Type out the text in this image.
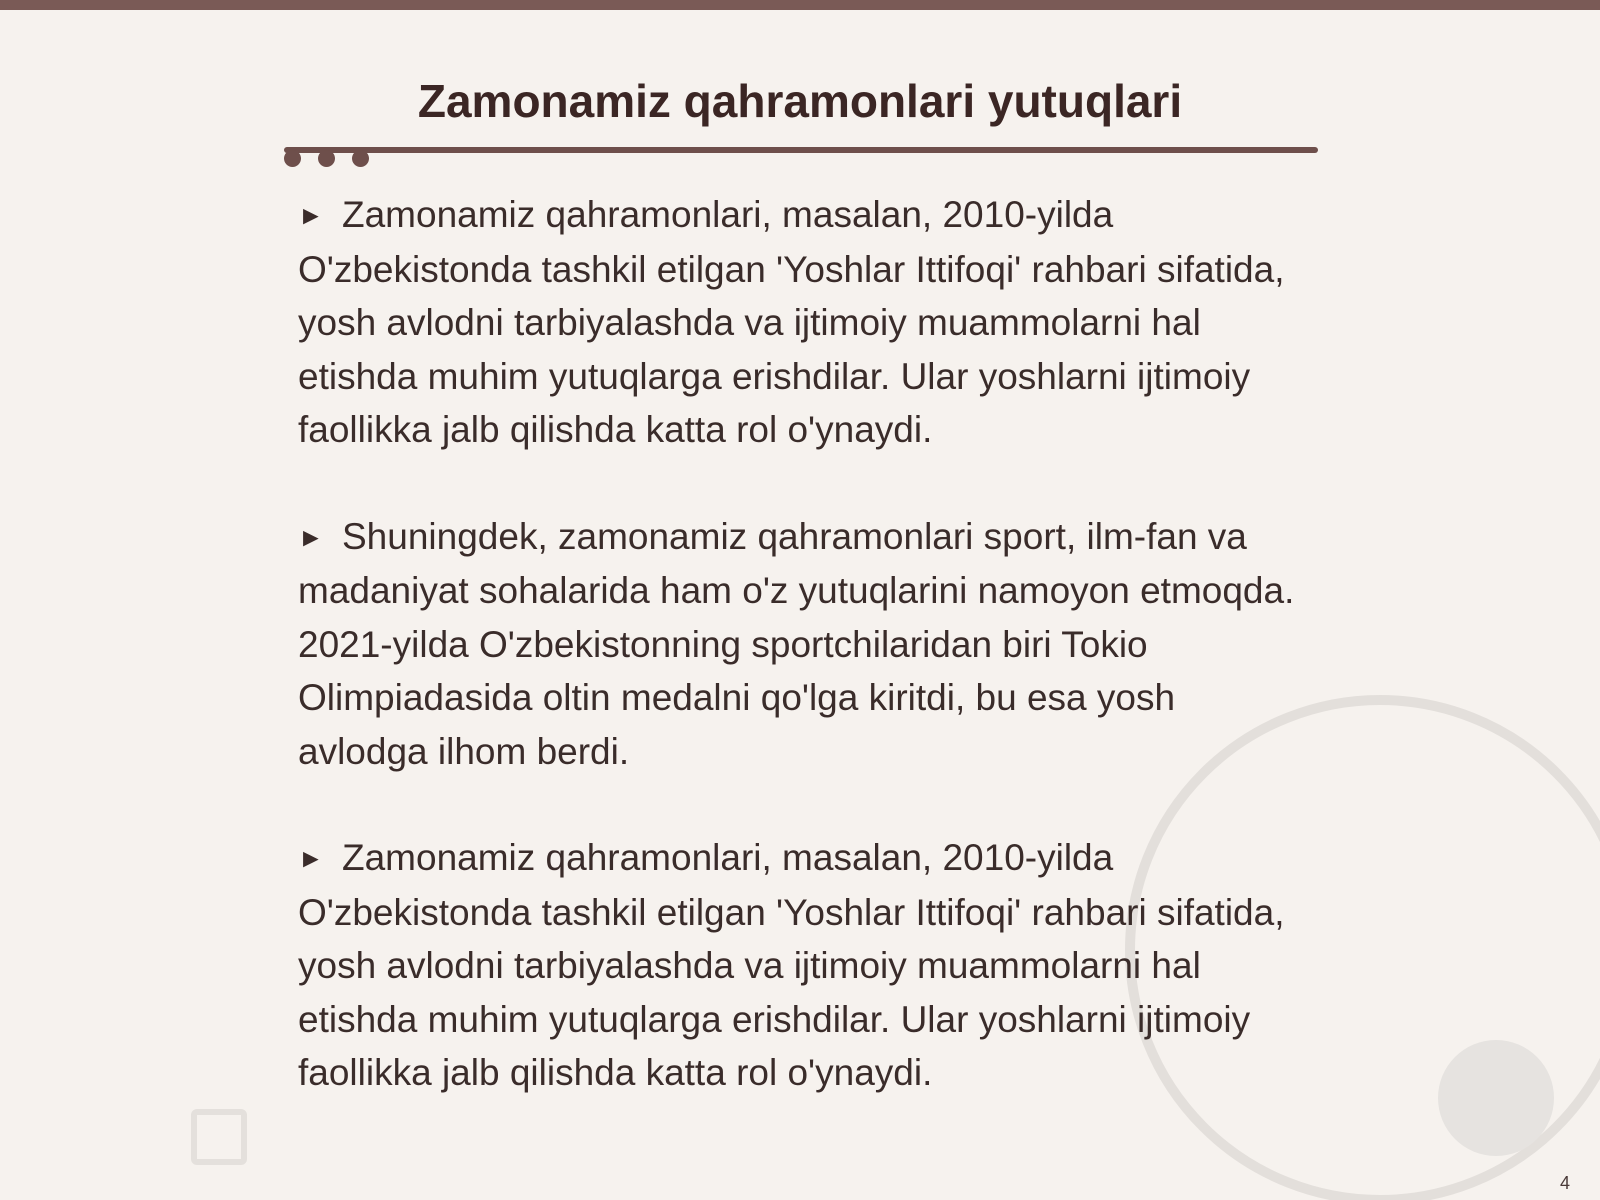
Zamonamiz qahramonlari yutuqlari

► Zamonamiz qahramonlari, masalan, 2010-yilda O'zbekistonda tashkil etilgan 'Yoshlar Ittifoqi' rahbari sifatida, yosh avlodni tarbiyalashda va ijtimoiy muammolarni hal etishda muhim yutuqlarga erishdilar. Ular yoshlarni ijtimoiy faollikka jalb qilishda katta rol o'ynaydi.

► Shuningdek, zamonamiz qahramonlari sport, ilm-fan va madaniyat sohalarida ham o'z yutuqlarini namoyon etmoqda. 2021-yilda O'zbekistonning sportchilaridan biri Tokio Olimpiadasida oltin medalni qo'lga kiritdi, bu esa yosh avlodga ilhom berdi.

► Zamonamiz qahramonlari, masalan, 2010-yilda O'zbekistonda tashkil etilgan 'Yoshlar Ittifoqi' rahbari sifatida, yosh avlodni tarbiyalashda va ijtimoiy muammolarni hal etishda muhim yutuqlarga erishdilar. Ular yoshlarni ijtimoiy faollikka jalb qilishda katta rol o'ynaydi.

4
